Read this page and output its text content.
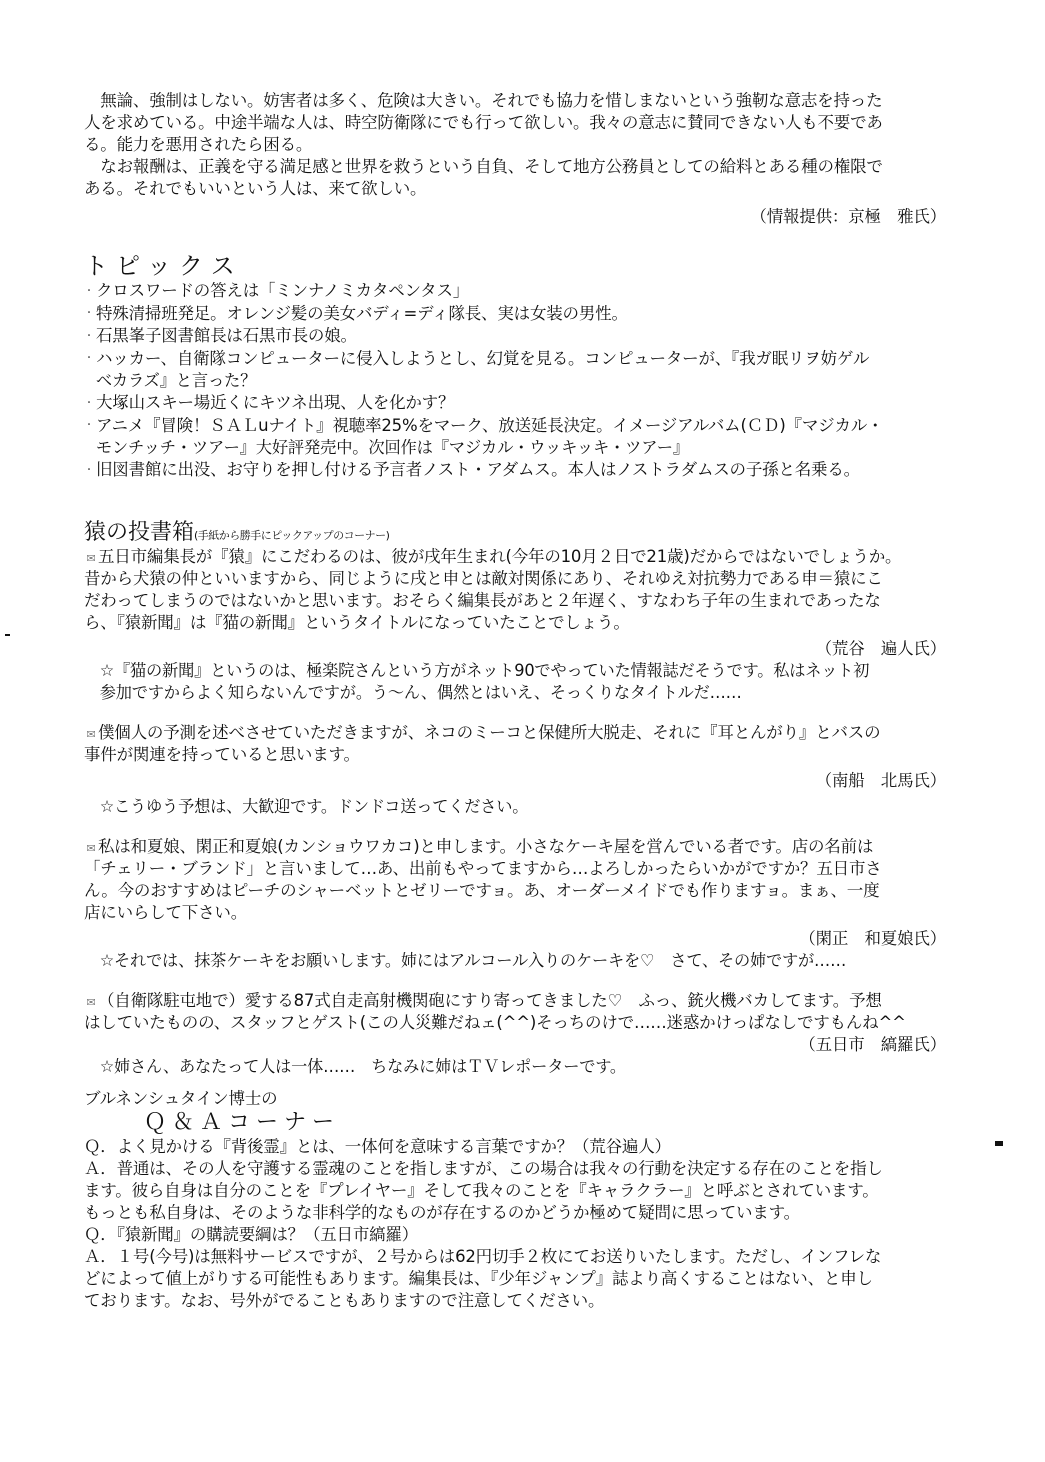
　無論、強制はしない。妨害者は多く、危険は大きい。それでも協力を惜しまないという強靭な意志を持った
人を求めている。中途半端な人は、時空防衛隊にでも行って欲しい。我々の意志に賛同できない人も不要であ
る。能力を悪用されたら困る。
　なお報酬は、正義を守る満足感と世界を救うという自負、そして地方公務員としての給料とある種の権限で
ある。それでもいいという人は、来て欲しい。
（情報提供：京極　雅氏）
トピックス
・ クロスワードの答えは「ミンナノミカタペンタス」
・ 特殊清掃班発足。オレンジ髪の美女バディ=ディ隊長、実は女装の男性。
・ 石黒峯子図書館長は石黒市長の娘。
・ ハッカー、自衛隊コンピューターに侵入しようとし、幻覚を見る。コンピューターが、『我ガ眠リヲ妨ゲル
ベカラズ』と言った？
・ 大塚山スキー場近くにキツネ出現、人を化かす？
・ アニメ『冒険！ＳＡＬuナイト』視聴率25%をマーク、放送延長決定。イメージアルバム(ＣＤ)『マジカル・
モンチッチ・ツアー』大好評発売中。次回作は『マジカル・ウッキッキ・ツアー』
・ 旧図書館に出没、お守りを押し付ける予言者ノスト・アダムス。本人はノストラダムスの子孫と名乗る。
猿の投書箱(手紙から勝手にピックアップのコーナー)
✉ 五日市編集長が『猿』にこだわるのは、彼が戌年生まれ(今年の10月２日で21歳)だからではないでしょうか。
昔から犬猿の仲といいますから、同じように戌と申とは敵対関係にあり、それゆえ対抗勢力である申＝猿にこ
だわってしまうのではないかと思います。おそらく編集長があと２年遅く、すなわち子年の生まれであったな
ら、『猿新聞』は『猫の新聞』というタイトルになっていたことでしょう。
（荒谷　遍人氏）
☆『猫の新聞』というのは、極楽院さんという方がネット90でやっていた情報誌だそうです。私はネット初
参加ですからよく知らないんですが。う～ん、偶然とはいえ、そっくりなタイトルだ……
✉ 僕個人の予測を述べさせていただきますが、ネコのミーコと保健所大脱走、それに『耳とんがり』とバスの
事件が関連を持っていると思います。
（南船　北馬氏）
☆こうゆう予想は、大歓迎です。ドンドコ送ってください。
✉ 私は和夏娘、閑正和夏娘(カンショウワカコ)と申します。小さなケーキ屋を営んでいる者です。店の名前は
「チェリー・ブランド」と言いまして…あ、出前もやってますから…よろしかったらいかがですか？五日市さ
ん。今のおすすめはピーチのシャーベットとゼリーですョ。あ、オーダーメイドでも作りますョ。まぁ、一度
店にいらして下さい。
（閑正　和夏娘氏）
☆それでは、抹茶ケーキをお願いします。姉にはアルコール入りのケーキを♡　さて、その姉ですが……
✉ （自衛隊駐屯地で）愛する87式自走高射機関砲にすり寄ってきました♡　ふっ、銃火機バカしてます。予想
はしていたものの、スタッフとゲスト(この人災難だねェ(^^)そっちのけで……迷惑かけっぱなしですもんね^^
（五日市　縞羅氏）
☆姉さん、あなたって人は一体……　ちなみに姉はＴＶレポーターです。
ブルネンシュタイン博士の
Ｑ＆Ａコーナー
Ｑ．よく見かける『背後霊』とは、一体何を意味する言葉ですか？（荒谷遍人）
Ａ．普通は、その人を守護する霊魂のことを指しますが、この場合は我々の行動を決定する存在のことを指し
ます。彼ら自身は自分のことを『プレイヤー』そして我々のことを『キャラクラー』と呼ぶとされています。
もっとも私自身は、そのような非科学的なものが存在するのかどうか極めて疑問に思っています。
Ｑ．『猿新聞』の購読要綱は？（五日市縞羅）
Ａ．１号(今号)は無料サービスですが、２号からは62円切手２枚にてお送りいたします。ただし、インフレな
どによって値上がりする可能性もあります。編集長は、『少年ジャンプ』誌より高くすることはない、と申し
ております。なお、号外がでることもありますので注意してください。
